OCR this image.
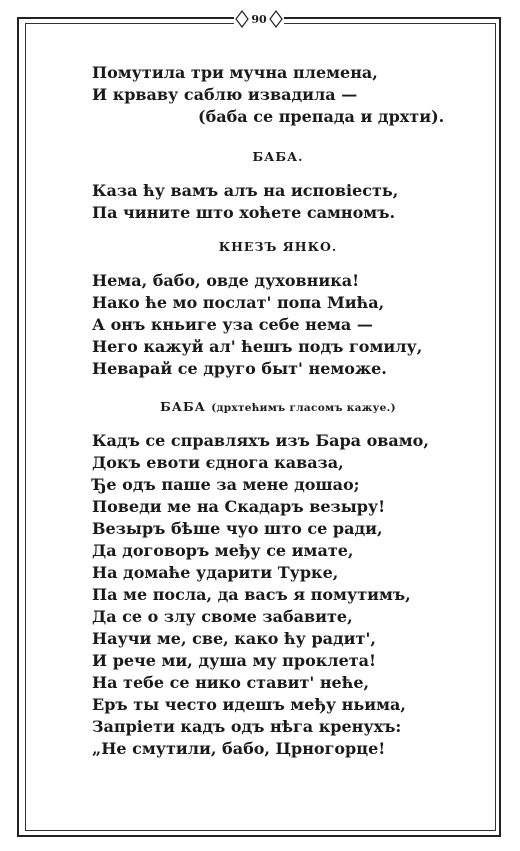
90
Помутила три мучна племена,
И крваву саблю извадила —
(баба се препада и дрхти).
БАБА.
Каза ћу вамъ алъ на исповіесть,
Па чините што хоћете самномъ.
КНЕЗЪ ЯНКО.
Нема, бабо, овде духовника!
Нако ће мо послат' попа Мића,
А онъ кньиге уза себе нема —
Него кажуй ал' ћешъ подъ гомилу,
Неварай се друго быт' неможе.
БАБА (дрхтећимъ гласомъ кажуе.)
Кадъ се справляхъ изъ Бара овамо,
Докъ евоти єднога каваза,
Ђе одъ паше за мене дошао;
Поведи ме на Скадаръ везыру!
Везыръ бѣше чуо што се ради,
Да договоръ међу се имате,
На домаће ударити Турке,
Па ме посла, да васъ я помутимъ,
Да се о злу своме забавите,
Научи ме, све, како ћу радит',
И рече ми, душа му проклета!
На тебе се нико ставит' неће,
Еръ ты често идешъ међу ньима,
Запріети кадъ одъ нѣга кренухъ:
„Не смутили, бабо, Црногорце!
